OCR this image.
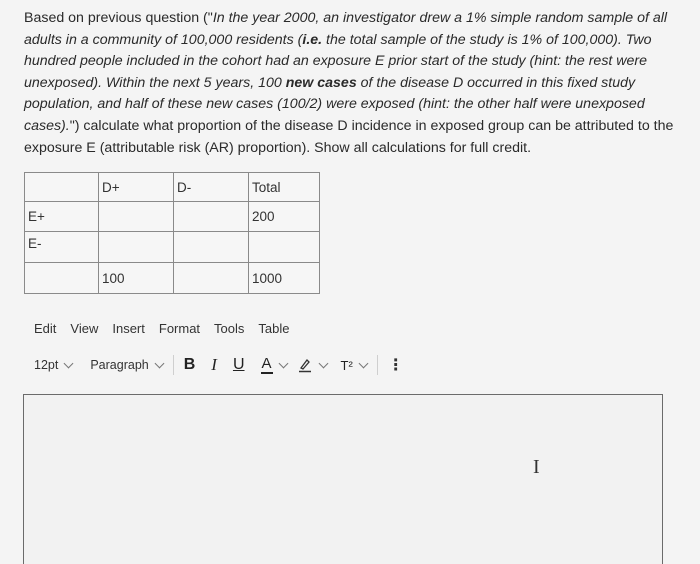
Based on previous question ("In the year 2000, an investigator drew a 1% simple random sample of all adults in a community of 100,000 residents (i.e. the total sample of the study is 1% of 100,000). Two hundred people included in the cohort had an exposure E prior start of the study (hint: the rest were unexposed). Within the next 5 years, 100 new cases of the disease D occurred in this fixed study population, and half of these new cases (100/2) were exposed (hint: the other half were unexposed cases).") calculate what proportion of the disease D incidence in exposed group can be attributed to the exposure E (attributable risk (AR) proportion). Show all calculations for full credit.
	D+	D-	Total
E+			200
E-			
	100		1000
Edit View Insert Format Tools Table
12pt	Paragraph B I U A	T² ⋮
I
